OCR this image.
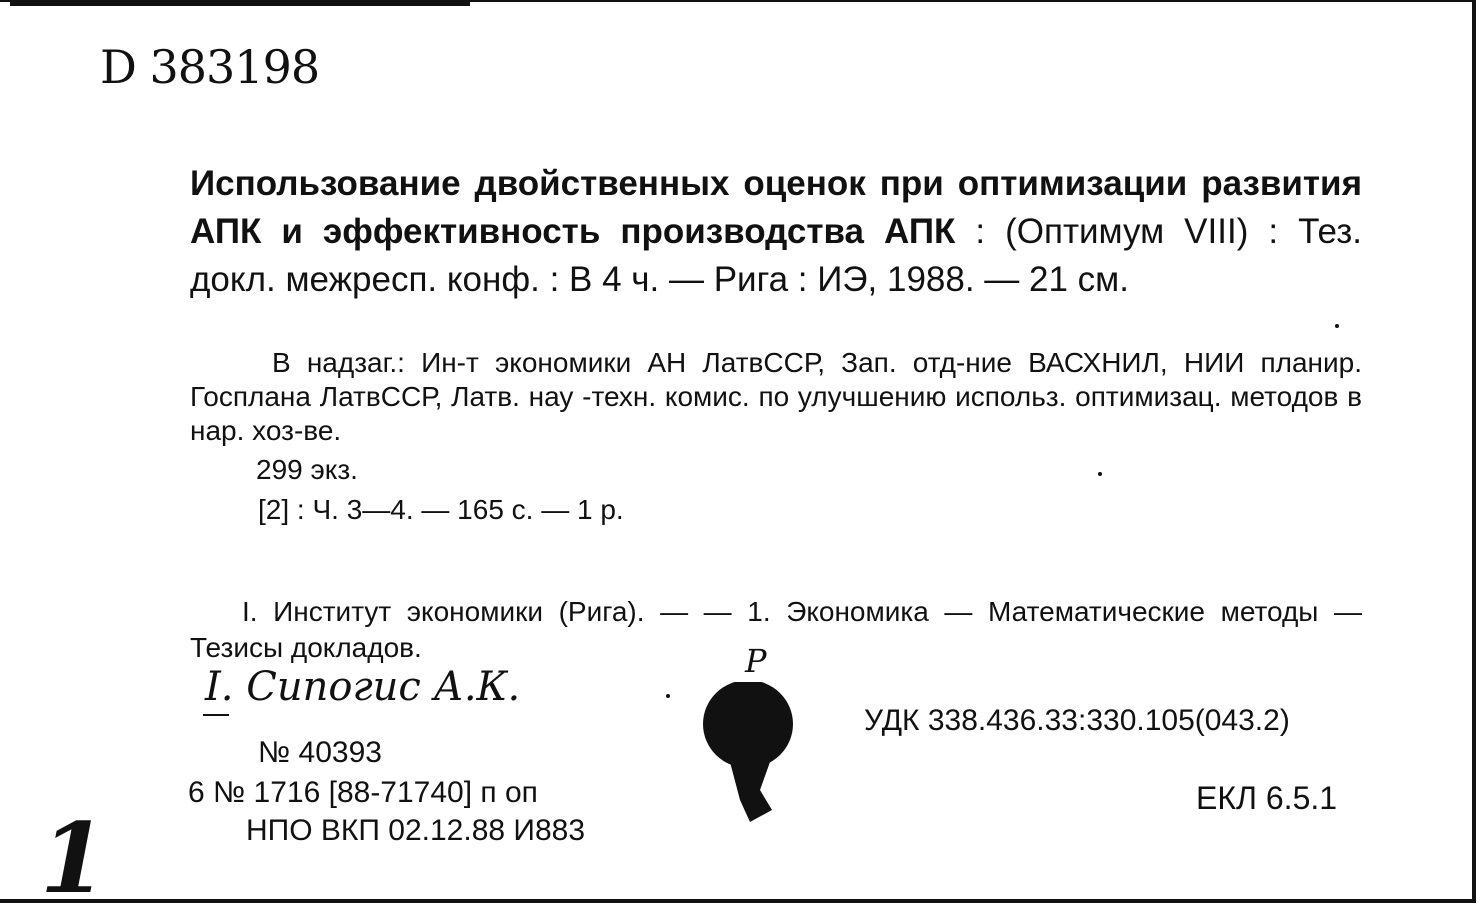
D 383198
Использование двойственных оценок при оптимизации развития АПК и эффективность производства АПК : (Оптимум VIII) : Тез. докл. межресп. конф. : В 4 ч. — Рига : ИЭ, 1988. — 21 см.
В надзаг.: Ин-т экономики АН ЛатвССР, Зап. отд-ние ВАСХНИЛ, НИИ планир. Госплана ЛатвССР, Латв. нау -техн. комис. по улучшению использ. оптимизац. методов в нар. хоз-ве.
299 экз.
[2] : Ч. 3—4. — 165 с. — 1 р.
I. Институт экономики (Рига). — — 1. Экономика — Математические методы — Тезисы докладов.	Р
I. Сипогис А.К.
УДК 338.436.33:330.105(043.2)
ЕКЛ 6.5.1
№ 40393
6 № 1716 [88-71740] п оп
НПО ВКП 02.12.88 И883
1
